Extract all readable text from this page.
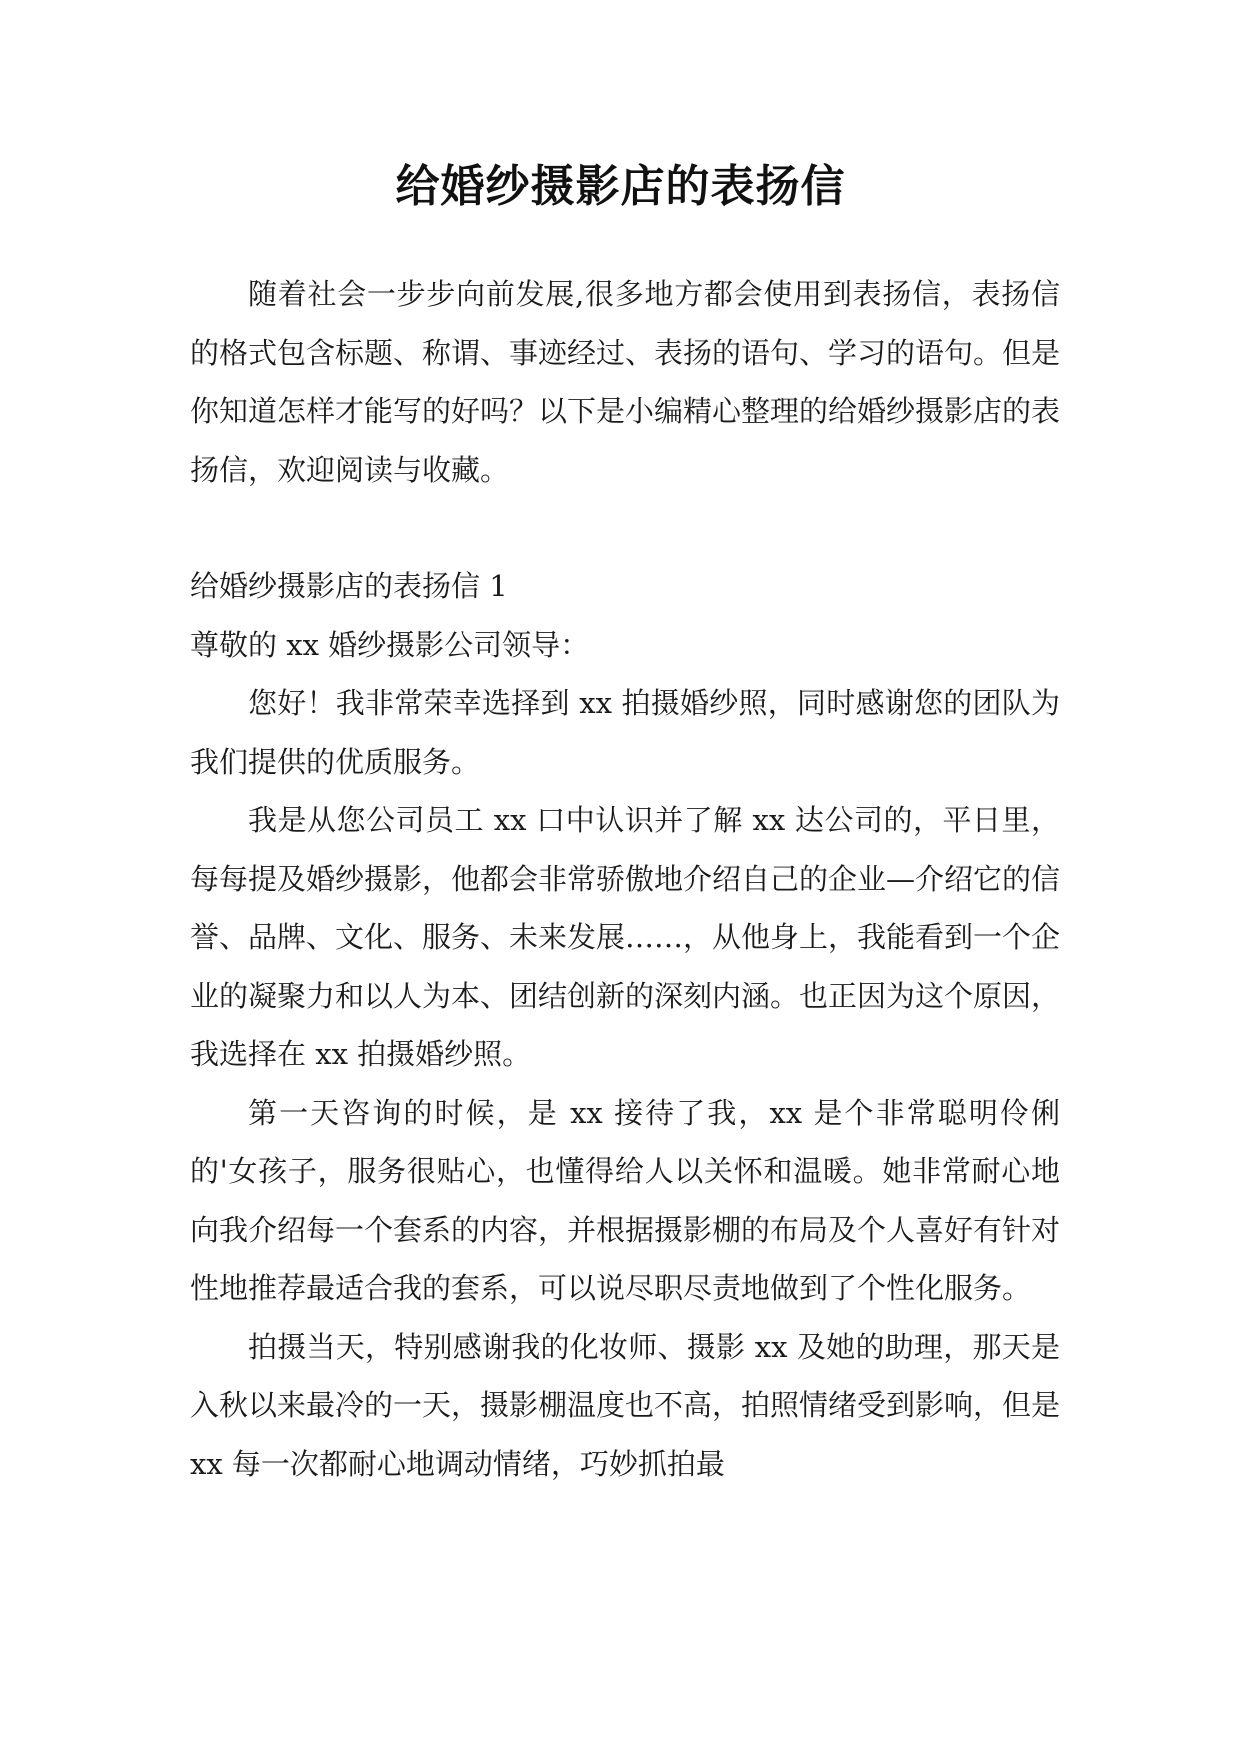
给婚纱摄影店的表扬信

随着社会一步步向前发展,很多地方都会使用到表扬信，表扬信的格式包含标题、称谓、事迹经过、表扬的语句、学习的语句。但是你知道怎样才能写的好吗？以下是小编精心整理的给婚纱摄影店的表扬信，欢迎阅读与收藏。

给婚纱摄影店的表扬信 1

尊敬的 xx 婚纱摄影公司领导：

您好！我非常荣幸选择到 xx 拍摄婚纱照，同时感谢您的团队为我们提供的优质服务。

我是从您公司员工 xx 口中认识并了解 xx 达公司的，平日里，每每提及婚纱摄影，他都会非常骄傲地介绍自己的企业—介绍它的信誉、品牌、文化、服务、未来发展……，从他身上，我能看到一个企业的凝聚力和以人为本、团结创新的深刻内涵。也正因为这个原因，我选择在 xx 拍摄婚纱照。

第一天咨询的时候，是 xx 接待了我，xx 是个非常聪明伶俐的'女孩子，服务很贴心，也懂得给人以关怀和温暖。她非常耐心地向我介绍每一个套系的内容，并根据摄影棚的布局及个人喜好有针对性地推荐最适合我的套系，可以说尽职尽责地做到了个性化服务。

拍摄当天，特别感谢我的化妆师、摄影 xx 及她的助理，那天是入秋以来最冷的一天，摄影棚温度也不高，拍照情绪受到影响，但是 xx 每一次都耐心地调动情绪，巧妙抓拍最
